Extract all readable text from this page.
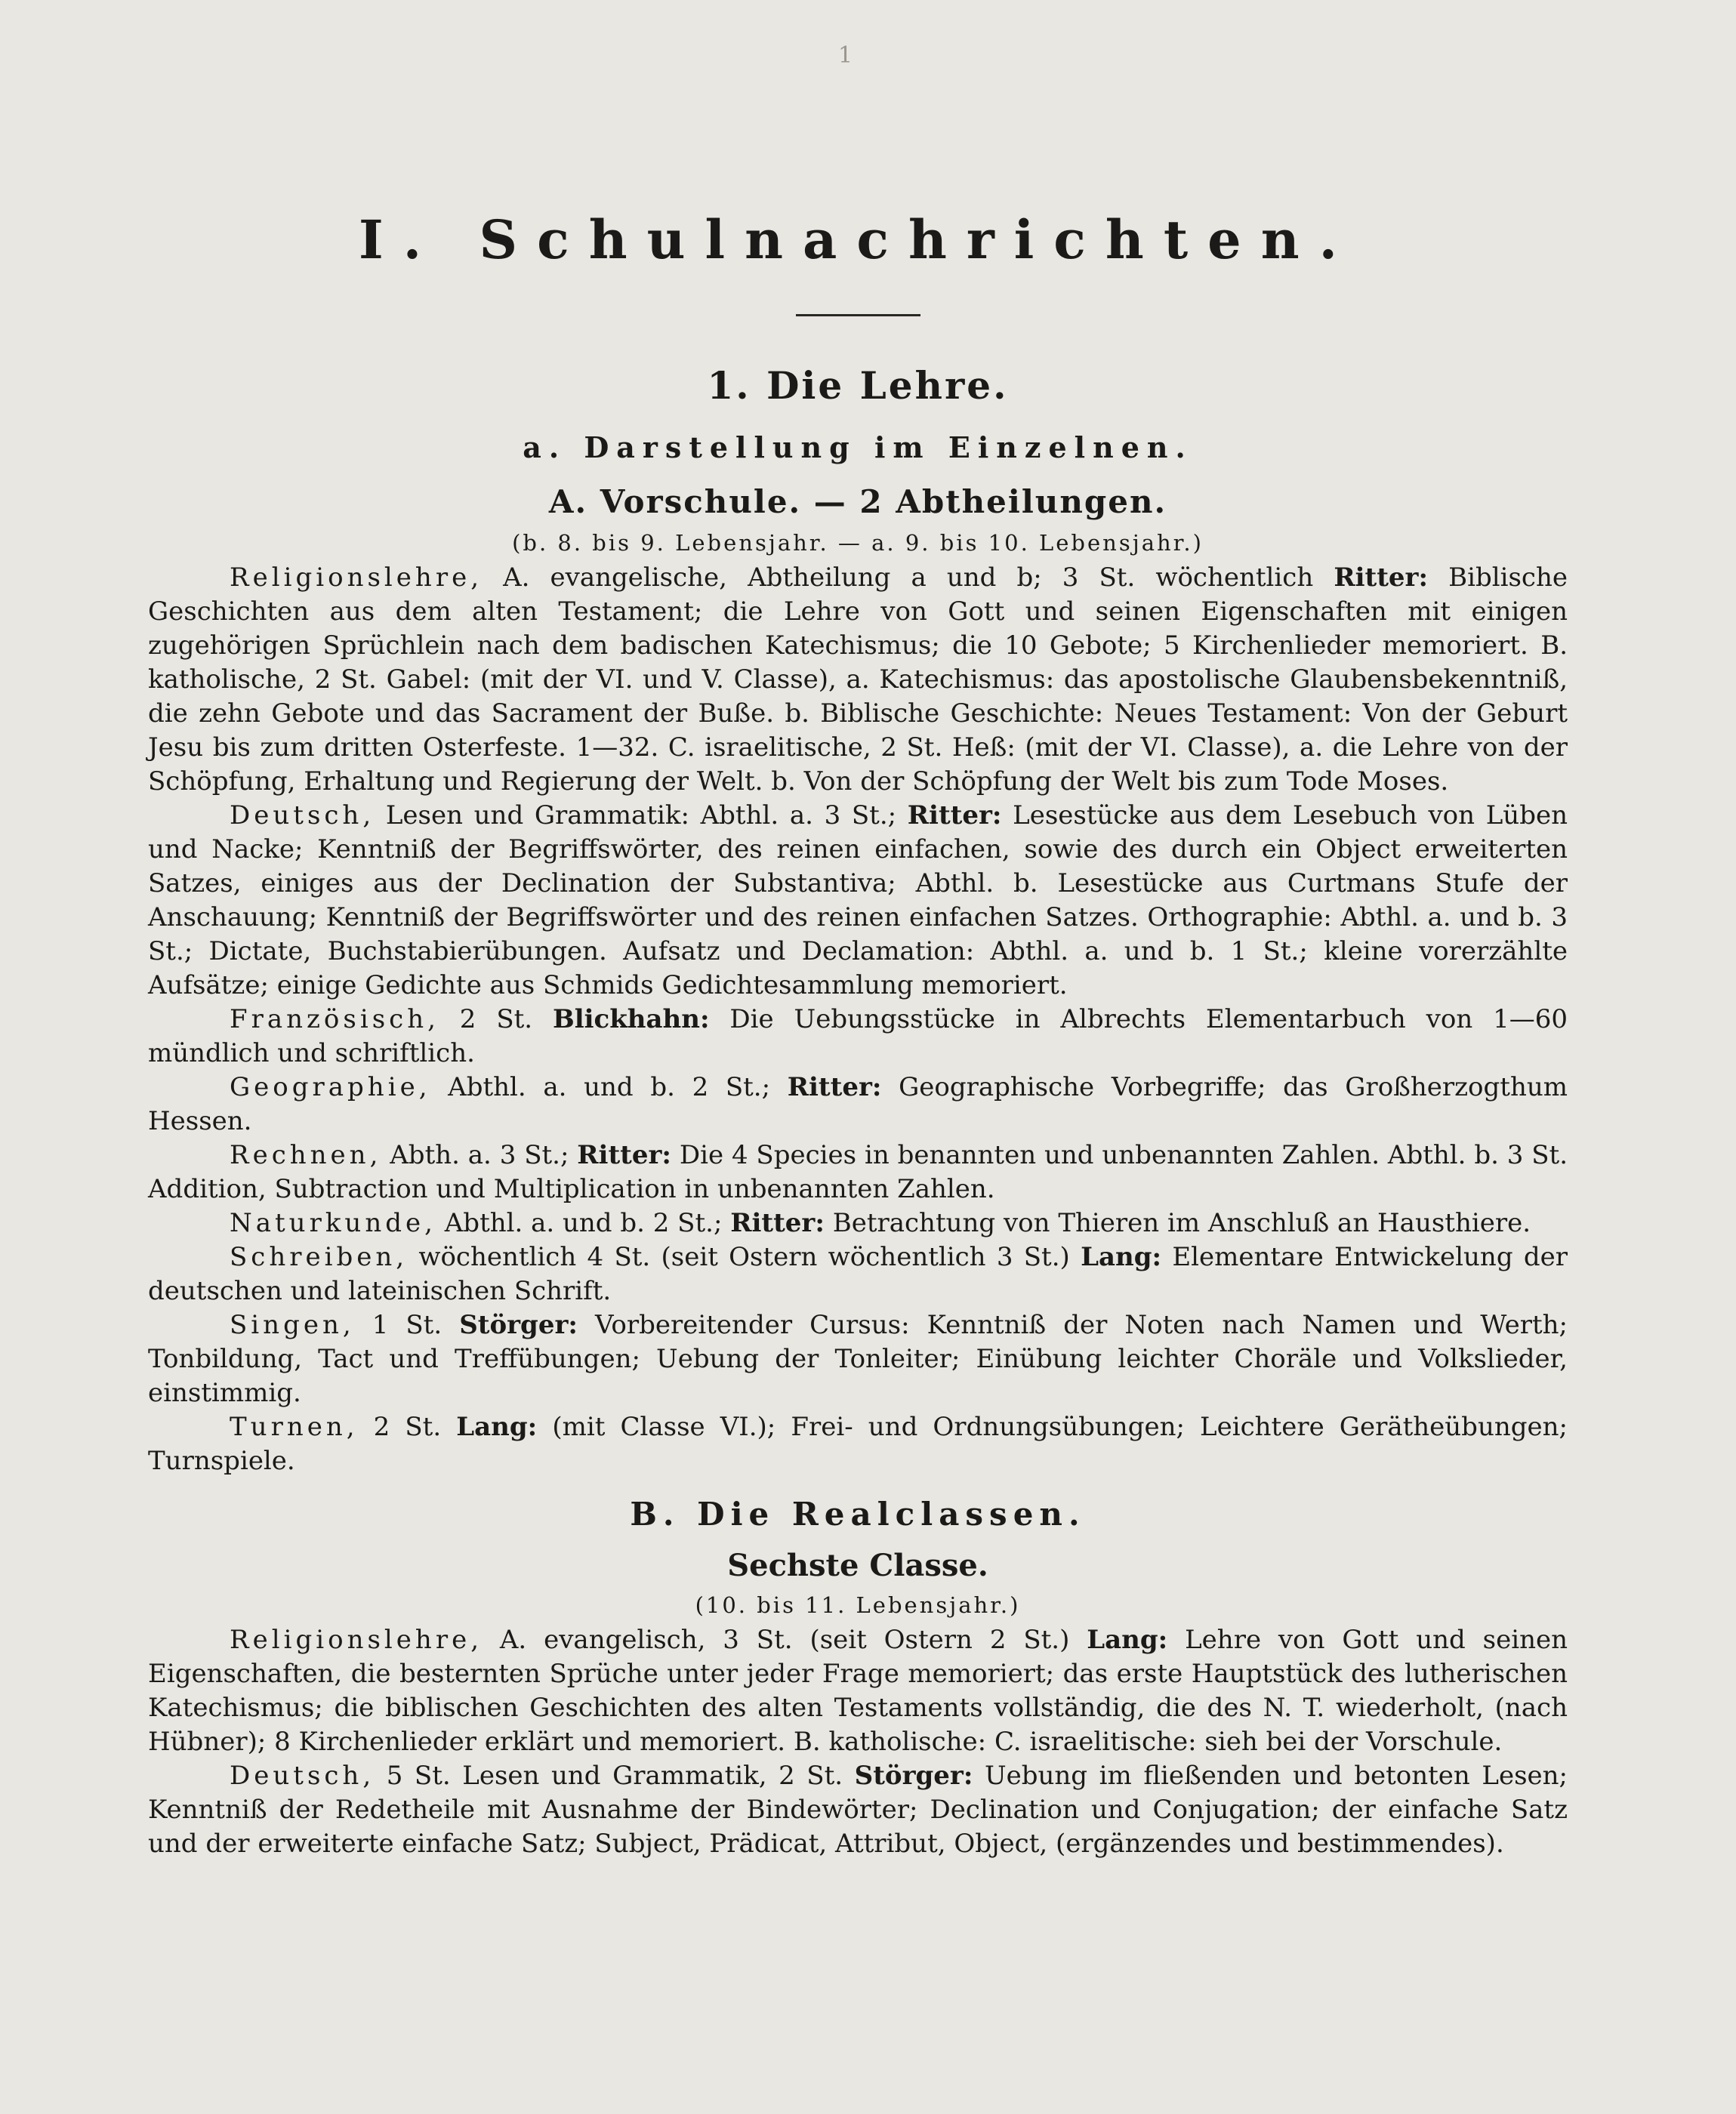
1
I. Schulnachrichten.
1. Die Lehre.
a. Darstellung im Einzelnen.
A. Vorschule. — 2 Abtheilungen.
(b. 8. bis 9. Lebensjahr. — a. 9. bis 10. Lebensjahr.)

Religionslehre, A. evangelische, Abtheilung a und b; 3 St. wöchentlich Ritter: Biblische Geschichten aus dem alten Testament; die Lehre von Gott und seinen Eigenschaften mit einigen zugehörigen Sprüchlein nach dem badischen Katechismus; die 10 Gebote; 5 Kirchenlieder memoriert. B. katholische, 2 St. Gabel: (mit der VI. und V. Classe), a. Katechismus: das apostolische Glaubensbekenntniß, die zehn Gebote und das Sacrament der Buße. b. Biblische Geschichte: Neues Testament: Von der Geburt Jesu bis zum dritten Osterfeste. 1—32. C. israelitische, 2 St. Heß: (mit der VI. Classe), a. die Lehre von der Schöpfung, Erhaltung und Regierung der Welt. b. Von der Schöpfung der Welt bis zum Tode Moses.

Deutsch, Lesen und Grammatik: Abthl. a. 3 St.; Ritter: Lesestücke aus dem Lesebuch von Lüben und Nacke; Kenntniß der Begriffswörter, des reinen einfachen, sowie des durch ein Object erweiterten Satzes, einiges aus der Declination der Substantiva; Abthl. b. Lesestücke aus Curtmans Stufe der Anschauung; Kenntniß der Begriffswörter und des reinen einfachen Satzes. Orthographie: Abthl. a. und b. 3 St.; Dictate, Buchstabierübungen. Aufsatz und Declamation: Abthl. a. und b. 1 St.; kleine vorerzählte Aufsätze; einige Gedichte aus Schmids Gedichtesammlung memoriert.

Französisch, 2 St. Blickhahn: Die Uebungsstücke in Albrechts Elementarbuch von 1—60 mündlich und schriftlich.

Geographie, Abthl. a. und b. 2 St.; Ritter: Geographische Vorbegriffe; das Großherzogthum Hessen.

Rechnen, Abth. a. 3 St.; Ritter: Die 4 Species in benannten und unbenannten Zahlen. Abthl. b. 3 St. Addition, Subtraction und Multiplication in unbenannten Zahlen.

Naturkunde, Abthl. a. und b. 2 St.; Ritter: Betrachtung von Thieren im Anschluß an Hausthiere.

Schreiben, wöchentlich 4 St. (seit Ostern wöchentlich 3 St.) Lang: Elementare Entwickelung der deutschen und lateinischen Schrift.

Singen, 1 St. Störger: Vorbereitender Cursus: Kenntniß der Noten nach Namen und Werth; Tonbildung, Tact und Treffübungen; Uebung der Tonleiter; Einübung leichter Choräle und Volkslieder, einstimmig.

Turnen, 2 St. Lang: (mit Classe VI.); Frei- und Ordnungsübungen; Leichtere Gerätheübungen; Turnspiele.

B. Die Realclassen.
Sechste Classe.
(10. bis 11. Lebensjahr.)

Religionslehre, A. evangelisch, 3 St. (seit Ostern 2 St.) Lang: Lehre von Gott und seinen Eigenschaften, die besternten Sprüche unter jeder Frage memoriert; das erste Hauptstück des lutherischen Katechismus; die biblischen Geschichten des alten Testaments vollständig, die des N. T. wiederholt, (nach Hübner); 8 Kirchenlieder erklärt und memoriert. B. katholische: C. israelitische: sieh bei der Vorschule.

Deutsch, 5 St. Lesen und Grammatik, 2 St. Störger: Uebung im fließenden und betonten Lesen; Kenntniß der Redetheile mit Ausnahme der Bindewörter; Declination und Conjugation; der einfache Satz und der erweiterte einfache Satz; Subject, Prädicat, Attribut, Object, (ergänzendes und bestimmendes).
